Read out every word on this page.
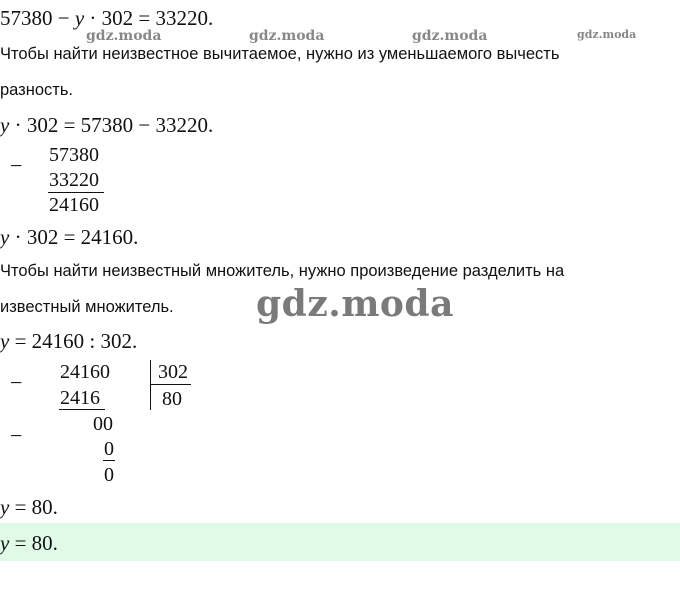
57380 − y · 302 = 33220.
gdz.moda	gdz.moda	gdz.moda	gdz.moda
Чтобы найти неизвестное вычитаемое, нужно из уменьшаемого вычесть
разность.
y · 302 = 57380 − 33220.
− 57380
33220
24160
y · 302 = 24160.
Чтобы найти неизвестный множитель, нужно произведение разделить на
известный множитель. gdz.moda
y = 24160 : 302.
− 24160
2416
302
80
−	00
0
0
y = 80.
y = 80.
